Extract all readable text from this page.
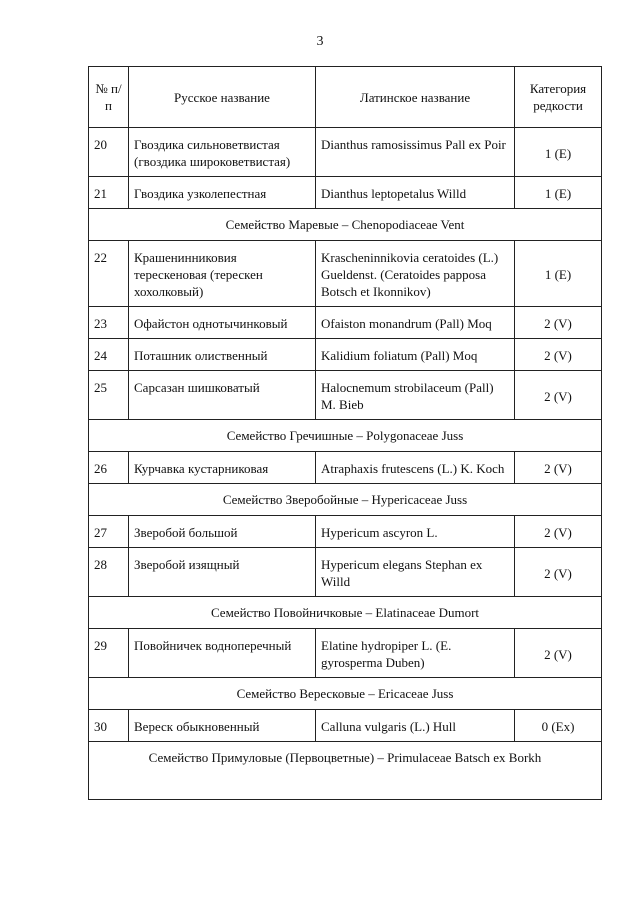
3
№ п/п	Русское название	Латинское название	Категория редкости
20	Гвоздика сильноветвистая (гвоздика широковетвистая)	Dianthus ramosissimus Pall ex Poir	1 (E)
21	Гвоздика узколепестная	Dianthus leptopetalus Willd	1 (E)
Семейство Маревые – Chenopodiaceae Vent			
22	Крашенинниковия терескеновая (терескен хохолковый)	Krascheninnikovia ceratoides (L.) Gueldenst. (Ceratoides papposa Botsch et Ikonnikov)	1 (E)
23	Офайстон однотычинковый	Ofaiston monandrum (Pall) Moq	2 (V)
24	Поташник олиственный	Kalidium foliatum (Pall) Moq	2 (V)
25	Сарсазан шишковатый	Halocnemum strobilaceum (Pall) M. Bieb	2 (V)
Семейство Гречишные – Polygonaceae Juss			
26	Курчавка кустарниковая	Atraphaxis frutescens (L.) K. Koch	2 (V)
Семейство Зверобойные – Hypericaceae Juss			
27	Зверобой большой	Hypericum ascyron L.	2 (V)
28	Зверобой изящный	Hypericum elegans Stephan ex Willd	2 (V)
Семейство Повойничковые – Elatinaceae Dumort			
29	Повойничек водноперечный	Elatine hydropiper L. (E. gyrosperma Duben)	2 (V)
Семейство Вересковые – Ericaceae Juss			
30	Вереск обыкновенный	Calluna vulgaris (L.) Hull	0 (Ex)
Семейство Примуловые (Первоцветные) – Primulaceae Batsch ex Borkh			
